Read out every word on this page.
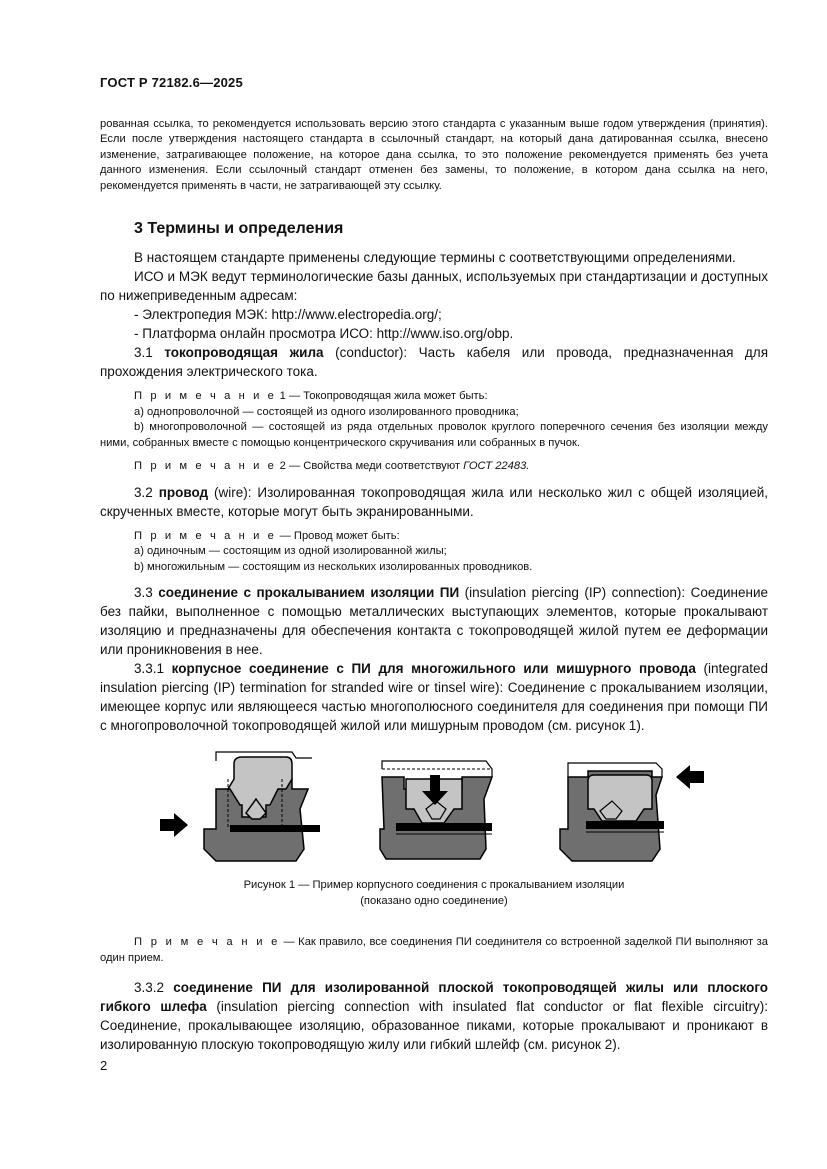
ГОСТ Р 72182.6—2025

рованная ссылка, то рекомендуется использовать версию этого стандарта с указанным выше годом утверждения (принятия). Если после утверждения настоящего стандарта в ссылочный стандарт, на который дана датированная ссылка, внесено изменение, затрагивающее положение, на которое дана ссылка, то это положение рекомендуется применять без учета данного изменения. Если ссылочный стандарт отменен без замены, то положение, в котором дана ссылка на него, рекомендуется применять в части, не затрагивающей эту ссылку.

3 Термины и определения

В настоящем стандарте применены следующие термины с соответствующими определениями.

ИСО и МЭК ведут терминологические базы данных, используемых при стандартизации и доступных по нижеприведенным адресам:

- Электропедия МЭК: http://www.electropedia.org/;

- Платформа онлайн просмотра ИСО: http://www.iso.org/obp.

3.1 токопроводящая жила (conductor): Часть кабеля или провода, предназначенная для прохождения электрического тока.

П р и м е ч а н и е 1 — Токопроводящая жила может быть:

a) однопроволочной — состоящей из одного изолированного проводника;

b) многопроволочной — состоящей из ряда отдельных проволок круглого поперечного сечения без изоляции между ними, собранных вместе с помощью концентрического скручивания или собранных в пучок.

П р и м е ч а н и е 2 — Свойства меди соответствуют ГОСТ 22483.

3.2 провод (wire): Изолированная токопроводящая жила или несколько жил с общей изоляцией, скрученных вместе, которые могут быть экранированными.

П р и м е ч а н и е — Провод может быть:

a) одиночным — состоящим из одной изолированной жилы;

b) многожильным — состоящим из нескольких изолированных проводников.

3.3 соединение с прокалыванием изоляции ПИ (insulation piercing (IP) connection): Соединение без пайки, выполненное с помощью металлических выступающих элементов, которые прокалывают изоляцию и предназначены для обеспечения контакта с токопроводящей жилой путем ее деформации или проникновения в нее.

3.3.1 корпусное соединение с ПИ для многожильного или мишурного провода (integrated insulation piercing (IP) termination for stranded wire or tinsel wire): Соединение с прокалыванием изоляции, имеющее корпус или являющееся частью многополюсного соединителя для соединения при помощи ПИ с многопроволочной токопроводящей жилой или мишурным проводом (см. рисунок 1).

Рисунок 1 — Пример корпусного соединения с прокалыванием изоляции
(показано одно соединение)

П р и м е ч а н и е — Как правило, все соединения ПИ соединителя со встроенной заделкой ПИ выполняют за один прием.

3.3.2 соединение ПИ для изолированной плоской токопроводящей жилы или плоского гибкого шлефа (insulation piercing connection with insulated flat conductor or flat flexible circuitry): Соединение, прокалывающее изоляцию, образованное пиками, которые прокалывают и проникают в изолированную плоскую токопроводящую жилу или гибкий шлейф (см. рисунок 2).

2
